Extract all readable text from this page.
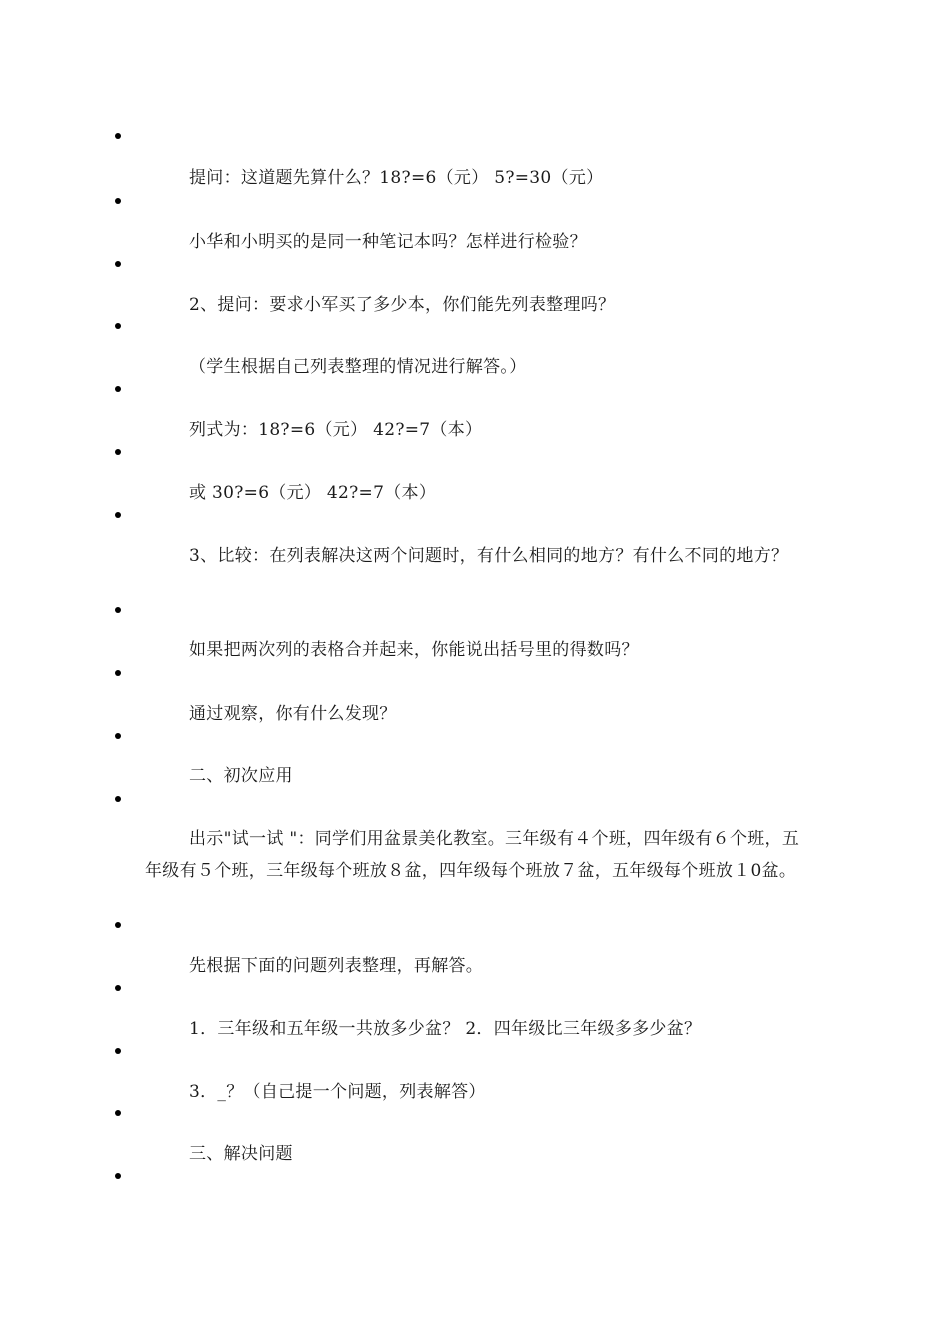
提问：这道题先算什么？18?=6（元） 5?=30（元）

小华和小明买的是同一种笔记本吗？怎样进行检验？

2、提问：要求小军买了多少本，你们能先列表整理吗？

（学生根据自己列表整理的情况进行解答。）

列式为：18?=6（元） 42?=7（本）

或 30?=6（元） 42?=7（本）

3、比较：在列表解决这两个问题时，有什么相同的地方？有什么不同的地方？

如果把两次列的表格合并起来，你能说出括号里的得数吗？

通过观察，你有什么发现？

二、初次应用

出示"试一试 "：同学们用盆景美化教室。三年级有４个班，四年级有６个班，五年级有５个班，三年级每个班放８盆，四年级每个班放７盆，五年级每个班放１0盆。

先根据下面的问题列表整理，再解答。

1．三年级和五年级一共放多少盆？ 2．四年级比三年级多多少盆？

3．_？（自己提一个问题，列表解答）

三、解决问题
